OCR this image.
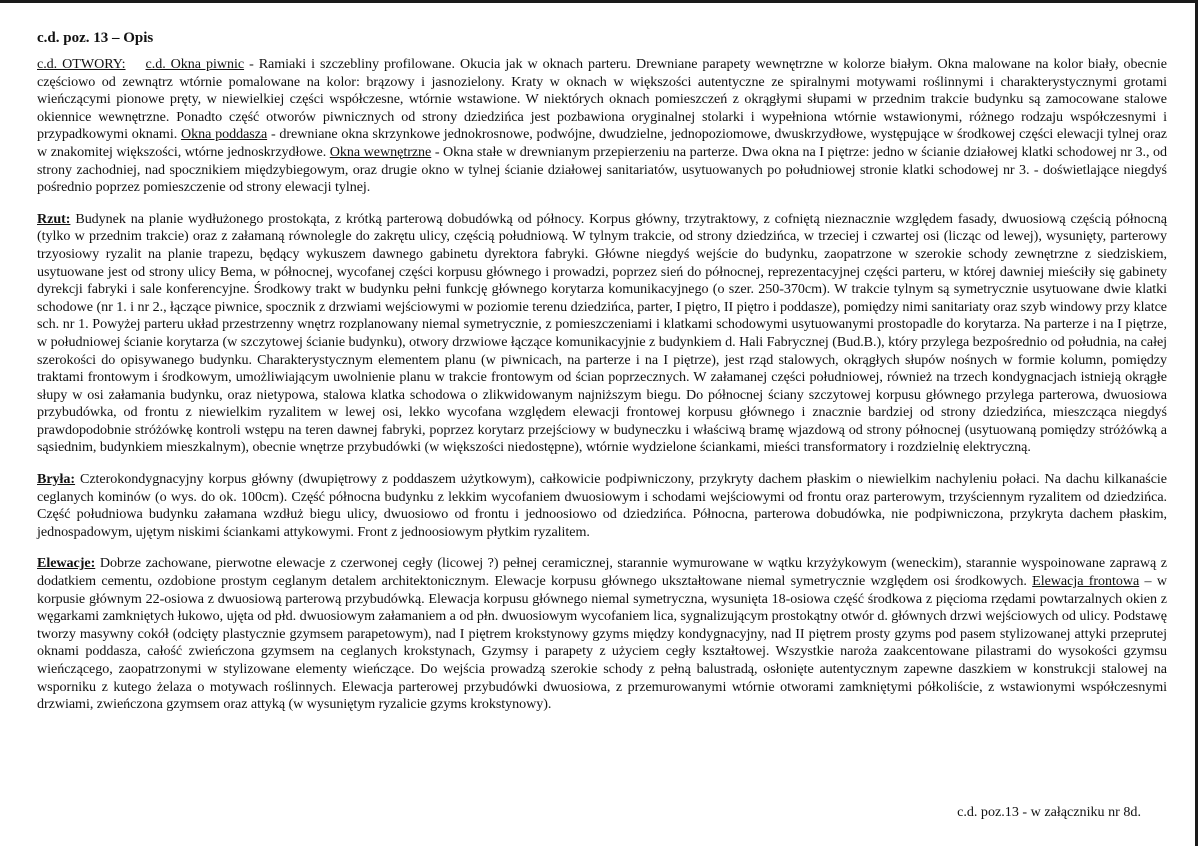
c.d. poz. 13 – Opis

c.d. OTWORY: c.d. Okna piwnic - Ramiaki i szczebliny profilowane. Okucia jak w oknach parteru. Drewniane parapety wewnętrzne w kolorze białym. Okna malowane na kolor biały, obecnie częściowo od zewnątrz wtórnie pomalowane na kolor: brązowy i jasnozielony. Kraty w oknach w większości autentyczne ze spiralnymi motywami roślinnymi i charakterystycznymi grotami wieńczącymi pionowe pręty, w niewielkiej części współczesne, wtórnie wstawione. W niektórych oknach pomieszczeń z okrągłymi słupami w przednim trakcie budynku są zamocowane stalowe okiennice wewnętrzne. Ponadto część otworów piwnicznych od strony dziedzińca jest pozbawiona oryginalnej stolarki i wypełniona wtórnie wstawionymi, różnego rodzaju współczesnymi i przypadkowymi oknami. Okna poddasza - drewniane okna skrzynkowe jednokrosnowe, podwójne, dwudzielne, jednopoziomowe, dwuskrzydłowe, występujące w środkowej części elewacji tylnej oraz w znakomitej większości, wtórne jednoskrzydłowe. Okna wewnętrzne - Okna stałe w drewnianym przepierzeniu na parterze. Dwa okna na I piętrze: jedno w ścianie działowej klatki schodowej nr 3., od strony zachodniej, nad spocznikiem międzybiegowym, oraz drugie okno w tylnej ścianie działowej sanitariatów, usytuowanych po południowej stronie klatki schodowej nr 3. - doświetlające niegdyś pośrednio poprzez pomieszczenie od strony elewacji tylnej.

Rzut: Budynek na planie wydłużonego prostokąta, z krótką parterową dobudówką od północy. Korpus główny, trzytraktowy, z cofniętą nieznacznie względem fasady, dwuosiową częścią północną (tylko w przednim trakcie) oraz z załamaną równolegle do zakrętu ulicy, częścią południową. W tylnym trakcie, od strony dziedzińca, w trzeciej i czwartej osi (licząc od lewej), wysunięty, parterowy trzyosiowy ryzalit na planie trapezu, będący wykuszem dawnego gabinetu dyrektora fabryki. Główne niegdyś wejście do budynku, zaopatrzone w szerokie schody zewnętrzne z siedziskiem, usytuowane jest od strony ulicy Bema, w północnej, wycofanej części korpusu głównego i prowadzi, poprzez sień do północnej, reprezentacyjnej części parteru, w której dawniej mieściły się gabinety dyrekcji fabryki i sale konferencyjne. Środkowy trakt w budynku pełni funkcję głównego korytarza komunikacyjnego (o szer. 250-370cm). W trakcie tylnym są symetrycznie usytuowane dwie klatki schodowe (nr 1. i nr 2., łączące piwnice, spocznik z drzwiami wejściowymi w poziomie terenu dziedzińca, parter, I piętro, II piętro i poddasze), pomiędzy nimi sanitariaty oraz szyb windowy przy klatce sch. nr 1. Powyżej parteru układ przestrzenny wnętrz rozplanowany niemal symetrycznie, z pomieszczeniami i klatkami schodowymi usytuowanymi prostopadle do korytarza. Na parterze i na I piętrze, w południowej ścianie korytarza (w szczytowej ścianie budynku), otwory drzwiowe łączące komunikacyjnie z budynkiem d. Hali Fabrycznej (Bud.B.), który przylega bezpośrednio od południa, na całej szerokości do opisywanego budynku. Charakterystycznym elementem planu (w piwnicach, na parterze i na I piętrze), jest rząd stalowych, okrągłych słupów nośnych w formie kolumn, pomiędzy traktami frontowym i środkowym, umożliwiającym uwolnienie planu w trakcie frontowym od ścian poprzecznych. W załamanej części południowej, również na trzech kondygnacjach istnieją okrągłe słupy w osi załamania budynku, oraz nietypowa, stalowa klatka schodowa o zlikwidowanym najniższym biegu. Do północnej ściany szczytowej korpusu głównego przylega parterowa, dwuosiowa przybudówka, od frontu z niewielkim ryzalitem w lewej osi, lekko wycofana względem elewacji frontowej korpusu głównego i znacznie bardziej od strony dziedzińca, mieszcząca niegdyś prawdopodobnie stróżówkę kontroli wstępu na teren dawnej fabryki, poprzez korytarz przejściowy w budyneczku i właściwą bramę wjazdową od strony północnej (usytuowaną pomiędzy stróżówką a sąsiednim, budynkiem mieszkalnym), obecnie wnętrze przybudówki (w większości niedostępne), wtórnie wydzielone ściankami, mieści transformatory i rozdzielnię elektryczną.

Bryła: Czterokondygnacyjny korpus główny (dwupiętrowy z poddaszem użytkowym), całkowicie podpiwniczony, przykryty dachem płaskim o niewielkim nachyleniu połaci. Na dachu kilkanaście ceglanych kominów (o wys. do ok. 100cm). Część północna budynku z lekkim wycofaniem dwuosiowym i schodami wejściowymi od frontu oraz parterowym, trzyściennym ryzalitem od dziedzińca. Część południowa budynku załamana wzdłuż biegu ulicy, dwuosiowo od frontu i jednoosiowo od dziedzińca. Północna, parterowa dobudówka, nie podpiwniczona, przykryta dachem płaskim, jednospadowym, ujętym niskimi ściankami attykowymi. Front z jednoosiowym płytkim ryzalitem.

Elewacje: Dobrze zachowane, pierwotne elewacje z czerwonej cegły (licowej ?) pełnej ceramicznej, starannie wymurowane w wątku krzyżykowym (weneckim), starannie wyspoinowane zaprawą z dodatkiem cementu, ozdobione prostym ceglanym detalem architektonicznym. Elewacje korpusu głównego ukształtowane niemal symetrycznie względem osi środkowych. Elewacja frontowa – w korpusie głównym 22-osiowa z dwuosiową parterową przybudówką. Elewacja korpusu głównego niemal symetryczna, wysunięta 18-osiowa część środkowa z pięcioma rzędami powtarzalnych okien z węgarkami zamkniętych łukowo, ujęta od płd. dwuosiowym załamaniem a od płn. dwuosiowym wycofaniem lica, sygnalizującym prostokątny otwór d. głównych drzwi wejściowych od ulicy. Podstawę tworzy masywny cokół (odcięty plastycznie gzymsem parapetowym), nad I piętrem krokstynowy gzyms między kondygnacyjny, nad II piętrem prosty gzyms pod pasem stylizowanej attyki przeprutej oknami poddasza, całość zwieńczona gzymsem na ceglanych krokstynach, Gzymsy i parapety z użyciem cegły kształtowej. Wszystkie naroża zaakcentowane pilastrami do wysokości gzymsu wieńczącego, zaopatrzonymi w stylizowane elementy wieńczące. Do wejścia prowadzą szerokie schody z pełną balustradą, osłonięte autentycznym zapewne daszkiem w konstrukcji stalowej na wsporniku z kutego żelaza o motywach roślinnych. Elewacja parterowej przybudówki dwuosiowa, z przemurowanymi wtórnie otworami zamkniętymi półkoliście, z wstawionymi współczesnymi drzwiami, zwieńczona gzymsem oraz attyką (w wysuniętym ryzalicie gzyms krokstynowy).

c.d. poz.13 - w załączniku nr 8d.
